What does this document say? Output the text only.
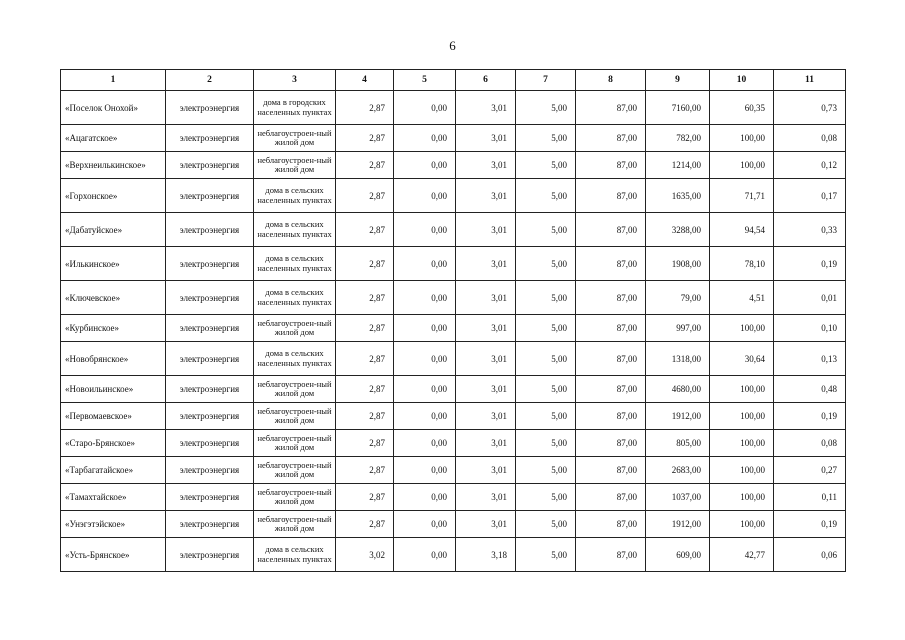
6
1	2	3	4	5	6	7	8	9	10	11
«Поселок Онохой»	электроэнергия	дома в городских населенных пунктах	2,87	0,00	3,01	5,00	87,00	7160,00	60,35	0,73
«Ацагатское»	электроэнергия	неблагоустроен-ный жилой дом	2,87	0,00	3,01	5,00	87,00	782,00	100,00	0,08
«Верхнеилькинское»	электроэнергия	неблагоустроен-ный жилой дом	2,87	0,00	3,01	5,00	87,00	1214,00	100,00	0,12
«Горхонское»	электроэнергия	дома в сельских населенных пунктах	2,87	0,00	3,01	5,00	87,00	1635,00	71,71	0,17
«Дабатуйское»	электроэнергия	дома в сельских населенных пунктах	2,87	0,00	3,01	5,00	87,00	3288,00	94,54	0,33
«Илькинское»	электроэнергия	дома в сельских населенных пунктах	2,87	0,00	3,01	5,00	87,00	1908,00	78,10	0,19
«Ключевское»	электроэнергия	дома в сельских населенных пунктах	2,87	0,00	3,01	5,00	87,00	79,00	4,51	0,01
«Курбинское»	электроэнергия	неблагоустроен-ный жилой дом	2,87	0,00	3,01	5,00	87,00	997,00	100,00	0,10
«Новобрянское»	электроэнергия	дома в сельских населенных пунктах	2,87	0,00	3,01	5,00	87,00	1318,00	30,64	0,13
«Новоильинское»	электроэнергия	неблагоустроен-ный жилой дом	2,87	0,00	3,01	5,00	87,00	4680,00	100,00	0,48
«Первомаевское»	электроэнергия	неблагоустроен-ный жилой дом	2,87	0,00	3,01	5,00	87,00	1912,00	100,00	0,19
«Старо-Брянское»	электроэнергия	неблагоустроен-ный жилой дом	2,87	0,00	3,01	5,00	87,00	805,00	100,00	0,08
«Тарбагатайское»	электроэнергия	неблагоустроен-ный жилой дом	2,87	0,00	3,01	5,00	87,00	2683,00	100,00	0,27
«Тамахтайское»	электроэнергия	неблагоустроен-ный жилой дом	2,87	0,00	3,01	5,00	87,00	1037,00	100,00	0,11
«Унэгэтэйское»	электроэнергия	неблагоустроен-ный жилой дом	2,87	0,00	3,01	5,00	87,00	1912,00	100,00	0,19
«Усть-Брянское»	электроэнергия	дома в сельских населенных пунктах	3,02	0,00	3,18	5,00	87,00	609,00	42,77	0,06
